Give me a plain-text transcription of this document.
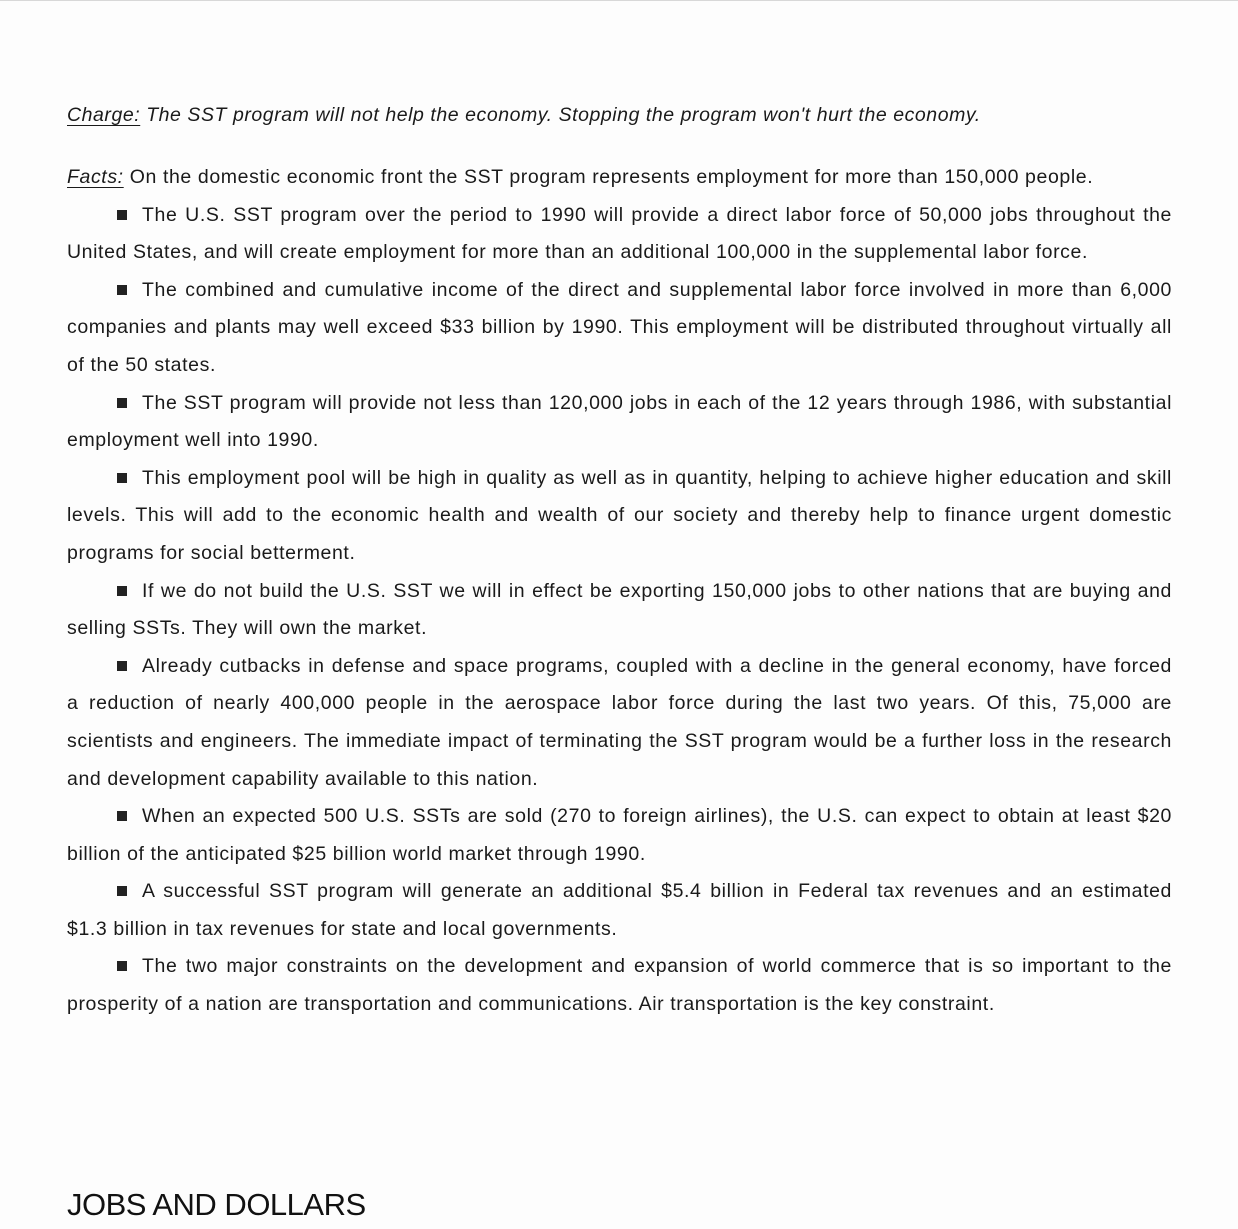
Charge: The SST program will not help the economy. Stopping the program won't hurt the economy.

Facts: On the domestic economic front the SST program represents employment for more than 150,000 people.

The U.S. SST program over the period to 1990 will provide a direct labor force of 50,000 jobs throughout the United States, and will create employment for more than an additional 100,000 in the supplemental labor force.

The combined and cumulative income of the direct and supplemental labor force involved in more than 6,000 companies and plants may well exceed $33 billion by 1990. This employment will be distributed throughout virtually all of the 50 states.

The SST program will provide not less than 120,000 jobs in each of the 12 years through 1986, with substantial employment well into 1990.

This employment pool will be high in quality as well as in quantity, helping to achieve higher education and skill levels. This will add to the economic health and wealth of our society and thereby help to finance urgent domestic programs for social betterment.

If we do not build the U.S. SST we will in effect be exporting 150,000 jobs to other nations that are buying and selling SSTs. They will own the market.

Already cutbacks in defense and space programs, coupled with a decline in the general economy, have forced a reduction of nearly 400,000 people in the aerospace labor force during the last two years. Of this, 75,000 are scientists and engineers. The immediate impact of terminating the SST program would be a further loss in the research and development capability available to this nation.

When an expected 500 U.S. SSTs are sold (270 to foreign airlines), the U.S. can expect to obtain at least $20 billion of the anticipated $25 billion world market through 1990.

A successful SST program will generate an additional $5.4 billion in Federal tax revenues and an estimated $1.3 billion in tax revenues for state and local governments.

The two major constraints on the development and expansion of world commerce that is so important to the prosperity of a nation are transportation and communications. Air transportation is the key constraint.

JOBS AND DOLLARS
